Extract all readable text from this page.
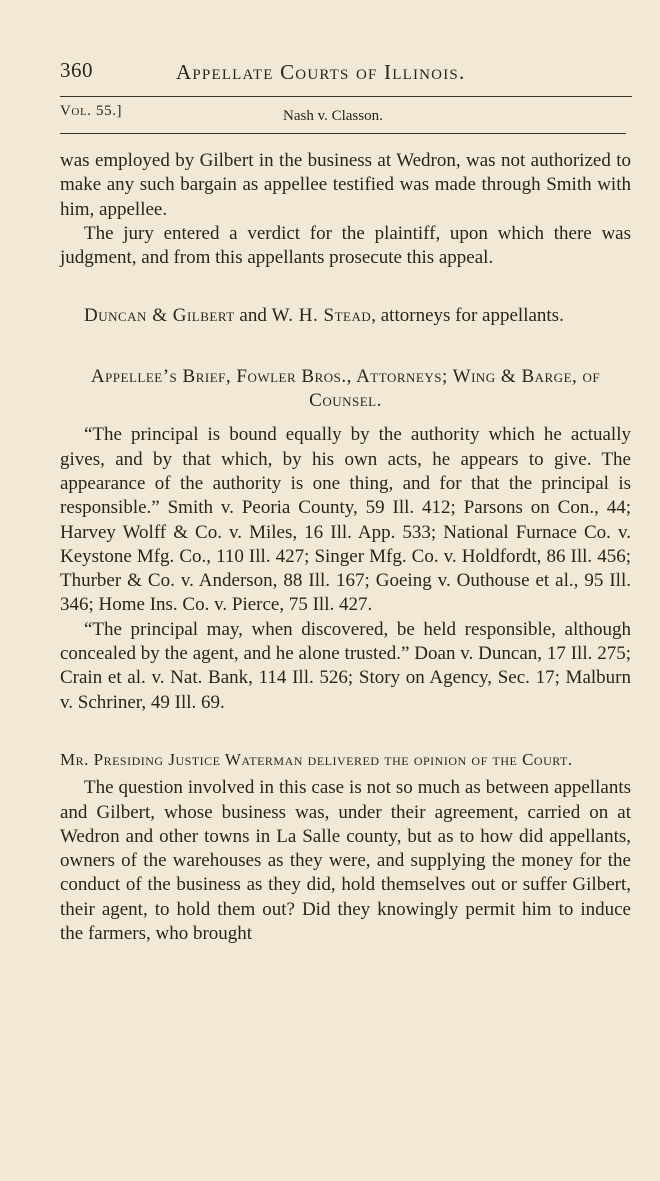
360	Appellate Courts of Illinois.
Vol. 55.]	Nash v. Classon.

was employed by Gilbert in the business at Wedron, was not authorized to make any such bargain as appellee testified was made through Smith with him, appellee.

The jury entered a verdict for the plaintiff, upon which there was judgment, and from this appellants prosecute this appeal.

Duncan & Gilbert and W. H. Stead, attorneys for appellants.

Appellee’s Brief, Fowler Bros., Attorneys; Wing & Barge, of Counsel.

“The principal is bound equally by the authority which he actually gives, and by that which, by his own acts, he appears to give. The appearance of the authority is one thing, and for that the principal is responsible.” Smith v. Peoria County, 59 Ill. 412; Parsons on Con., 44; Harvey Wolff & Co. v. Miles, 16 Ill. App. 533; National Furnace Co. v. Keystone Mfg. Co., 110 Ill. 427; Singer Mfg. Co. v. Holdfordt, 86 Ill. 456; Thurber & Co. v. Anderson, 88 Ill. 167; Goeing v. Outhouse et al., 95 Ill. 346; Home Ins. Co. v. Pierce, 75 Ill. 427.

“The principal may, when discovered, be held responsible, although concealed by the agent, and he alone trusted.” Doan v. Duncan, 17 Ill. 275; Crain et al. v. Nat. Bank, 114 Ill. 526; Story on Agency, Sec. 17; Malburn v. Schriner, 49 Ill. 69.

Mr. Presiding Justice Waterman delivered the opinion of the Court.

The question involved in this case is not so much as between appellants and Gilbert, whose business was, under their agreement, carried on at Wedron and other towns in La Salle county, but as to how did appellants, owners of the warehouses as they were, and supplying the money for the conduct of the business as they did, hold themselves out or suffer Gilbert, their agent, to hold them out? Did they knowingly permit him to induce the farmers, who brought
